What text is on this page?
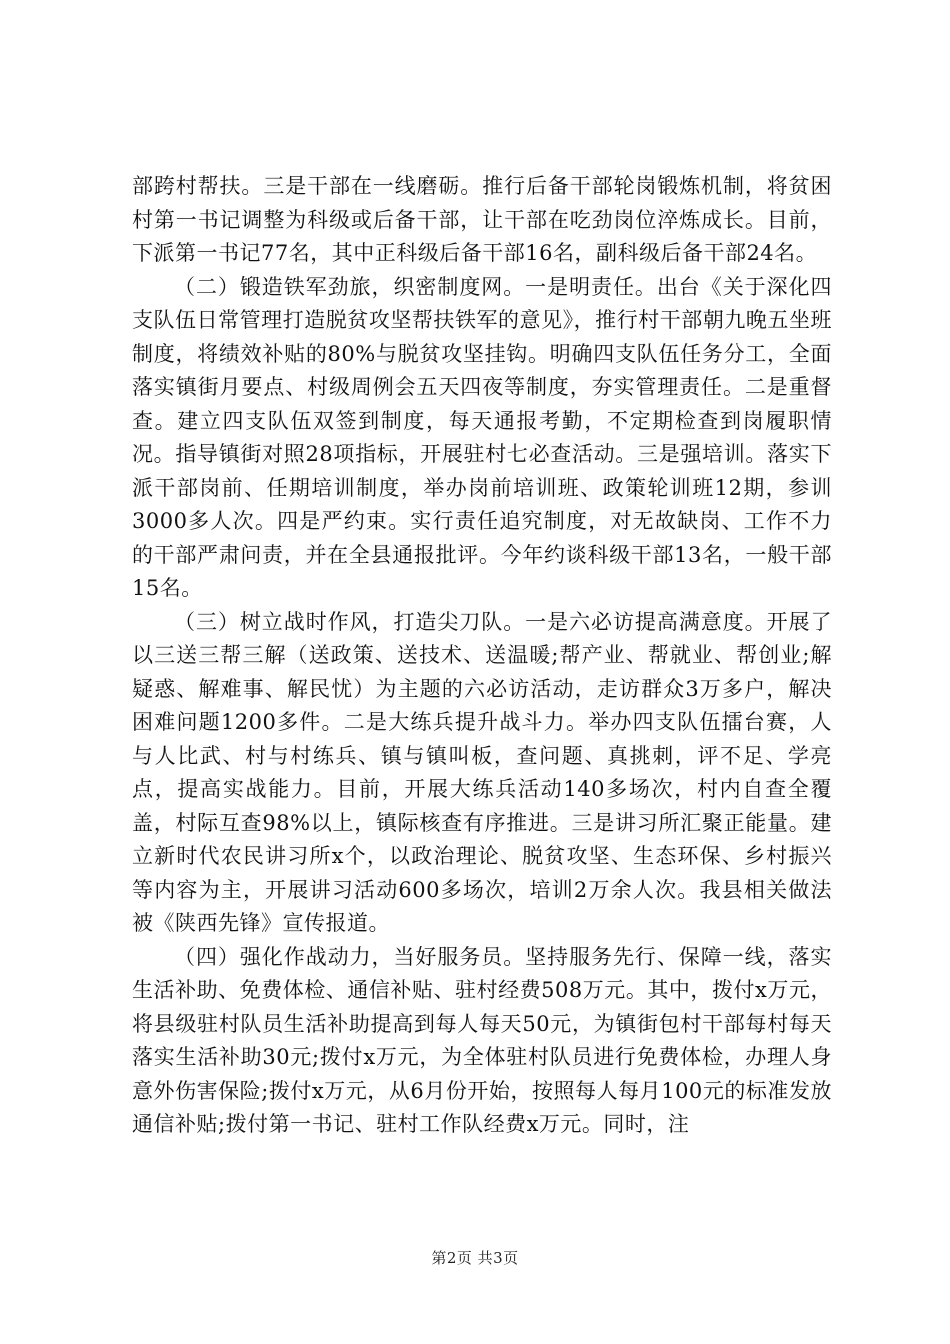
部跨村帮扶。三是干部在一线磨砺。推行后备干部轮岗锻炼机制，将贫困村第一书记调整为科级或后备干部，让干部在吃劲岗位淬炼成长。目前，下派第一书记77名，其中正科级后备干部16名，副科级后备干部24名。

（二）锻造铁军劲旅，织密制度网。一是明责任。出台《关于深化四支队伍日常管理打造脱贫攻坚帮扶铁军的意见》，推行村干部朝九晚五坐班制度，将绩效补贴的80%与脱贫攻坚挂钩。明确四支队伍任务分工，全面落实镇街月要点、村级周例会五天四夜等制度，夯实管理责任。二是重督查。建立四支队伍双签到制度，每天通报考勤，不定期检查到岗履职情况。指导镇街对照28项指标，开展驻村七必查活动。三是强培训。落实下派干部岗前、任期培训制度，举办岗前培训班、政策轮训班12期，参训3000多人次。四是严约束。实行责任追究制度，对无故缺岗、工作不力的干部严肃问责，并在全县通报批评。今年约谈科级干部13名，一般干部15名。

（三）树立战时作风，打造尖刀队。一是六必访提高满意度。开展了以三送三帮三解（送政策、送技术、送温暖;帮产业、帮就业、帮创业;解疑惑、解难事、解民忧）为主题的六必访活动，走访群众3万多户，解决困难问题1200多件。二是大练兵提升战斗力。举办四支队伍擂台赛，人与人比武、村与村练兵、镇与镇叫板，查问题、真挑刺，评不足、学亮点，提高实战能力。目前，开展大练兵活动140多场次，村内自查全覆盖，村际互查98%以上，镇际核查有序推进。三是讲习所汇聚正能量。建立新时代农民讲习所x个，以政治理论、脱贫攻坚、生态环保、乡村振兴等内容为主，开展讲习活动600多场次，培训2万余人次。我县相关做法被《陕西先锋》宣传报道。

（四）强化作战动力，当好服务员。坚持服务先行、保障一线，落实生活补助、免费体检、通信补贴、驻村经费508万元。其中，拨付x万元，将县级驻村队员生活补助提高到每人每天50元，为镇街包村干部每村每天落实生活补助30元;拨付x万元，为全体驻村队员进行免费体检，办理人身意外伤害保险;拨付x万元，从6月份开始，按照每人每月100元的标准发放通信补贴;拨付第一书记、驻村工作队经费x万元。同时，注

第2页 共3页
